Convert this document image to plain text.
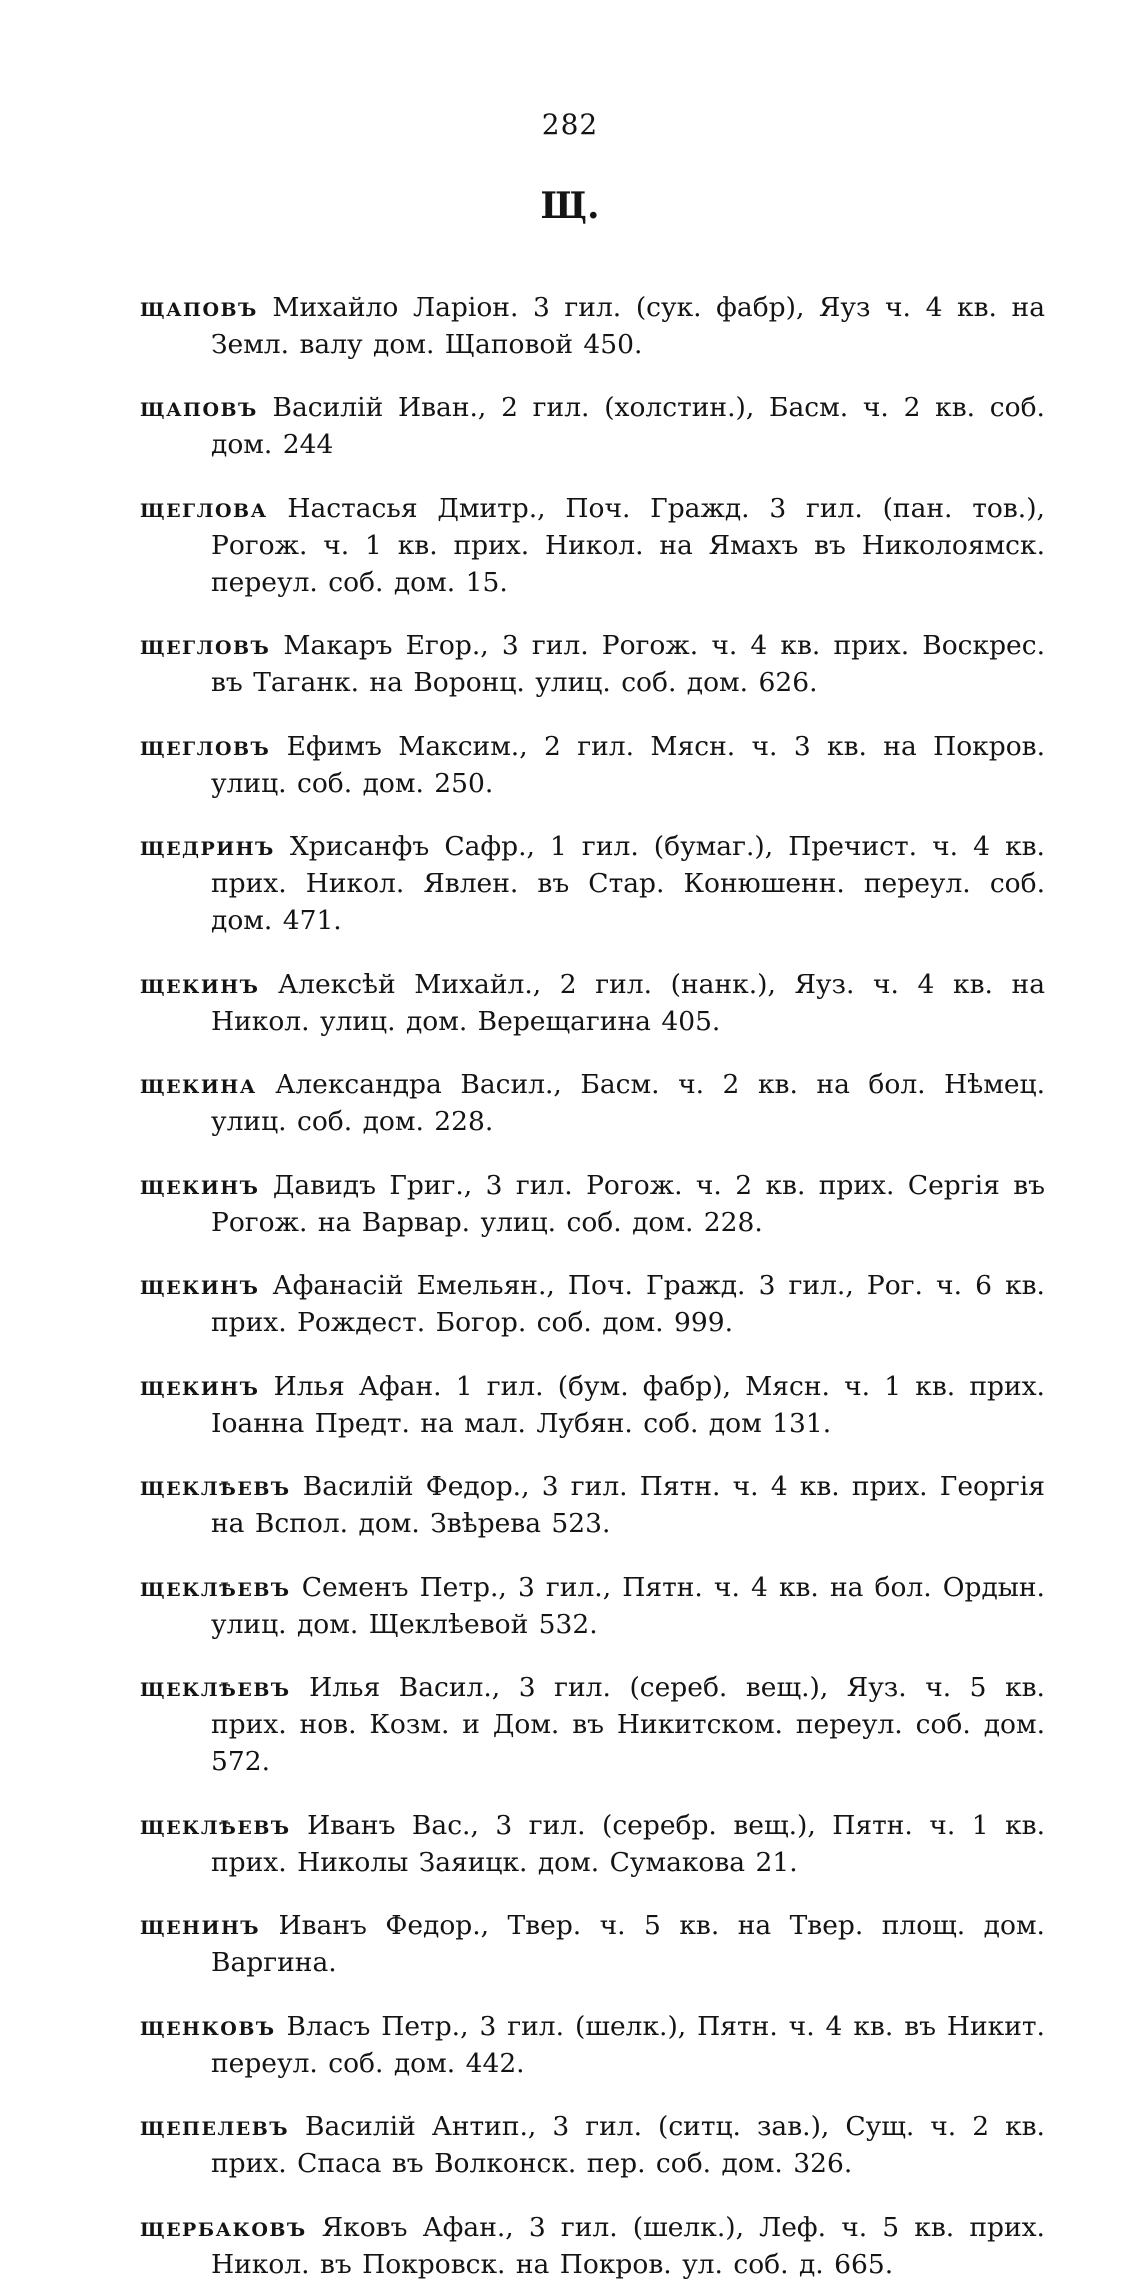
282
Щ.

щаповъ Михайло Ларіон. 3 гил. (сук. фабр), Яуз ч. 4 кв. на Земл. валу дом. Щаповой 450.

щаповъ Василій Иван., 2 гил. (холстин.), Басм. ч. 2 кв. соб. дом. 244

щеглова Настасья Дмитр., Поч. Гражд. 3 гил. (пан. тов.), Рогож. ч. 1 кв. прих. Никол. на Ямахъ въ Николоямск. переул. соб. дом. 15.

щегловъ Макаръ Егор., 3 гил. Рогож. ч. 4 кв. прих. Воскрес. въ Таганк. на Воронц. улиц. соб. дом. 626.

щегловъ Ефимъ Максим., 2 гил. Мясн. ч. 3 кв. на Покров. улиц. соб. дом. 250.

щедринъ Хрисанфъ Сафр., 1 гил. (бумаг.), Пречист. ч. 4 кв. прих. Никол. Явлен. въ Стар. Конюшенн. переул. соб. дом. 471.

щекинъ Алексѣй Михайл., 2 гил. (нанк.), Яуз. ч. 4 кв. на Никол. улиц. дом. Верещагина 405.

щекина Александра Васил., Басм. ч. 2 кв. на бол. Нѣмец. улиц. соб. дом. 228.

щекинъ Давидъ Григ., 3 гил. Рогож. ч. 2 кв. прих. Сергія въ Рогож. на Варвар. улиц. соб. дом. 228.

щекинъ Афанасій Емельян., Поч. Гражд. 3 гил., Рог. ч. 6 кв. прих. Рождест. Богор. соб. дом. 999.

щекинъ Илья Афан. 1 гил. (бум. фабр), Мясн. ч. 1 кв. прих. Іоанна Предт. на мал. Лубян. соб. дом 131.

щеклѣевъ Василій Федор., 3 гил. Пятн. ч. 4 кв. прих. Георгія на Вспол. дом. Звѣрева 523.

щеклѣевъ Семенъ Петр., 3 гил., Пятн. ч. 4 кв. на бол. Ордын. улиц. дом. Щеклѣевой 532.

щеклѣевъ Илья Васил., 3 гил. (сереб. вещ.), Яуз. ч. 5 кв. прих. нов. Козм. и Дом. въ Никитском. переул. соб. дом. 572.

щеклѣевъ Иванъ Вас., 3 гил. (серебр. вещ.), Пятн. ч. 1 кв. прих. Николы Заяицк. дом. Сумакова 21.

щенинъ Иванъ Федор., Твер. ч. 5 кв. на Твер. площ. дом. Варгина.

щенковъ Власъ Петр., 3 гил. (шелк.), Пятн. ч. 4 кв. въ Никит. переул. соб. дом. 442.

щепелевъ Василій Антип., 3 гил. (ситц. зав.), Сущ. ч. 2 кв. прих. Спаса въ Волконск. пер. соб. дом. 326.

щербаковъ Яковъ Афан., 3 гил. (шелк.), Леф. ч. 5 кв. прих. Никол. въ Покровск. на Покров. ул. соб. д. 665.
